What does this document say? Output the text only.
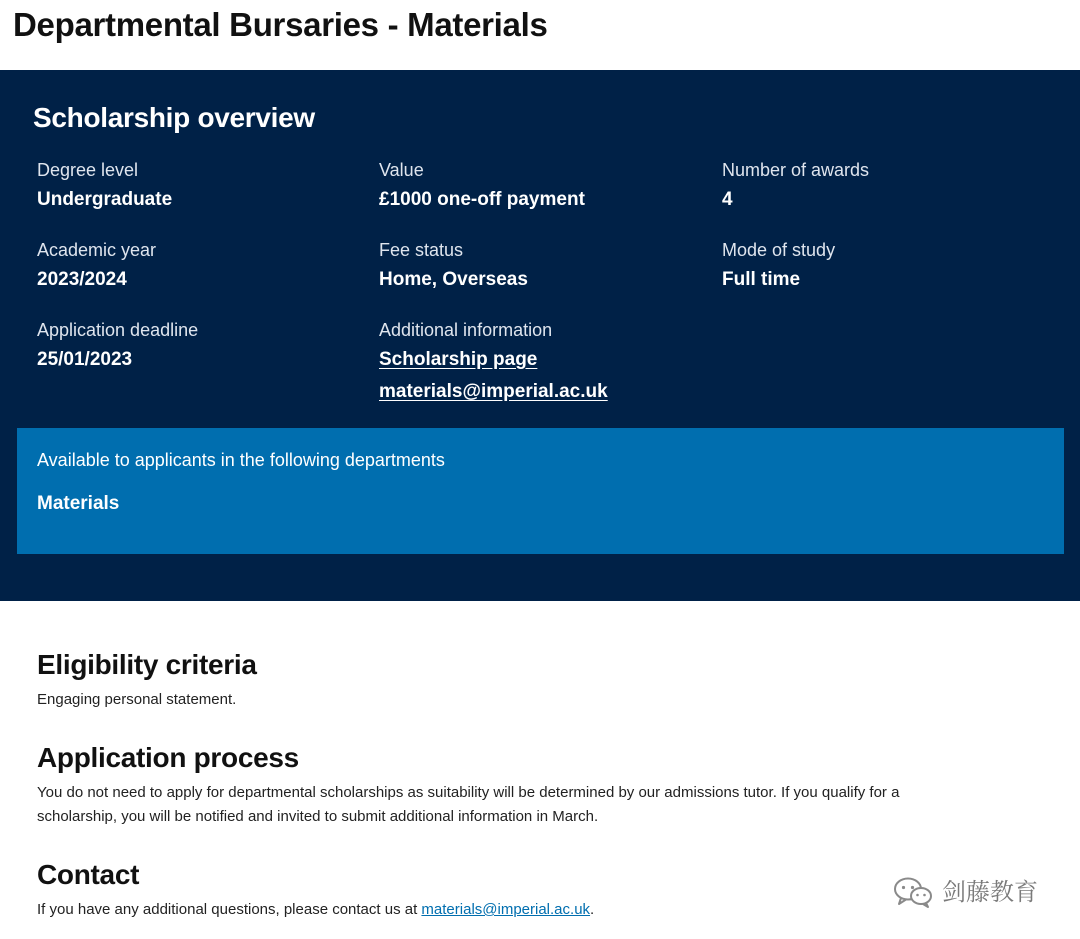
Departmental Bursaries - Materials
Scholarship overview
Degree level
Undergraduate
Value
£1000 one-off payment
Number of awards
4
Academic year
2023/2024
Fee status
Home, Overseas
Mode of study
Full time
Application deadline
25/01/2023
Additional information
Scholarship page
materials@imperial.ac.uk
Available to applicants in the following departments
Materials
Eligibility criteria

Engaging personal statement.

Application process

You do not need to apply for departmental scholarships as suitability will be determined by our admissions tutor. If you qualify for a scholarship, you will be notified and invited to submit additional information in March.

Contact

If you have any additional questions, please contact us at materials@imperial.ac.uk.

剑藤教育
